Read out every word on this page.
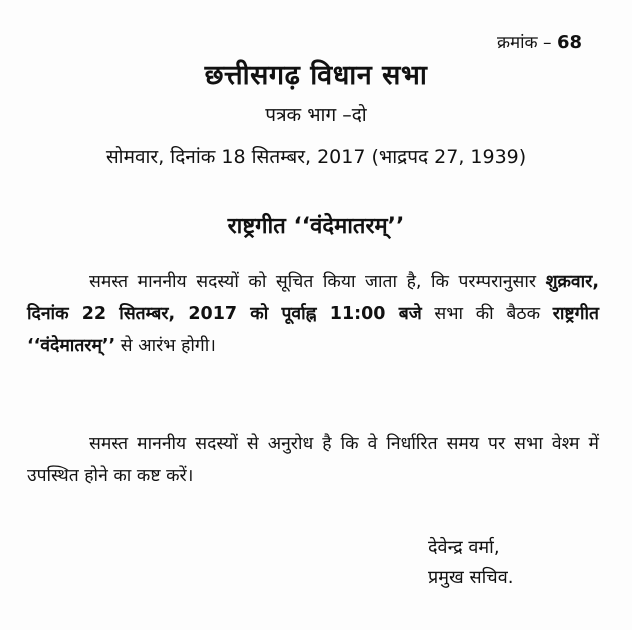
क्रमांक – 68
छत्तीसगढ़ विधान सभा
पत्रक भाग –दो
सोमवार, दिनांक 18 सितम्बर, 2017 (भाद्रपद 27, 1939)
राष्ट्रगीत ‘‘वंदेमातरम्’’
समस्त माननीय सदस्यों को सूचित किया जाता है, कि परम्परानुसार शुक्रवार, दिनांक 22 सितम्बर, 2017 को पूर्वाह्न 11:00 बजे सभा की बैठक राष्ट्रगीत ‘‘वंदेमातरम्’’ से आरंभ होगी।
समस्त माननीय सदस्यों से अनुरोध है कि वे निर्धारित समय पर सभा वेश्म में उपस्थित होने का कष्ट करें।
देवेन्द्र वर्मा,
प्रमुख सचिव.
